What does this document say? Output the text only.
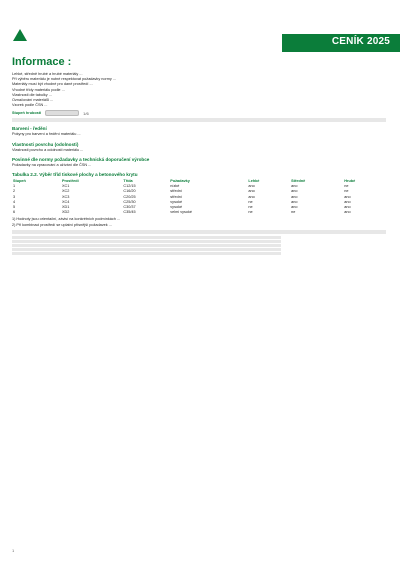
CENÍK 2025
Informace :

Lehké, středně hrubé a hrubé materiály ...

Při výběru materiálu je nutné respektovat požadavky normy ...

Materiály musí být vhodné pro dané prostředí ...

Vhodné třídy materiálu podle ...

Vlastnosti dle tabulky ...

Označování materiálů ...

Vzorek podle ČSN ...

Stupeň hrubosti	1/6
Barvení - ředění

Pokyny pro barvení a ředění materiálu ...

Vlastnosti povrchu (odolnosti)

Vlastnosti povrchu a odolnosti materiálu ...

Povinné dle normy požadavky a technická doporučení výrobce

Požadavky na zpracování a užívání dle ČSN ...

Tabulka 2.2. Výběr tříd tiskové plochy a betonového krytu
Stupeň	Prostředí	Třída	Požadavky	Lehké	Středně	Hrubé
1	XC1	C12/15	nízké	ano	ano	ne
2	XC2	C16/20	střední	ano	ano	ne
3	XC3	C20/25	střední	ano	ano	ano
4	XC4	C25/30	vysoké	ne	ano	ano
5	XD1	C30/37	vysoké	ne	ano	ano
6	XD2	C35/45	velmi vysoké	ne	ne	ano

1) Hodnoty jsou orientační, závisí na konkrétních podmínkách ...

2) Při kombinaci prostředí se uplatní přísnější požadavek ...

1
